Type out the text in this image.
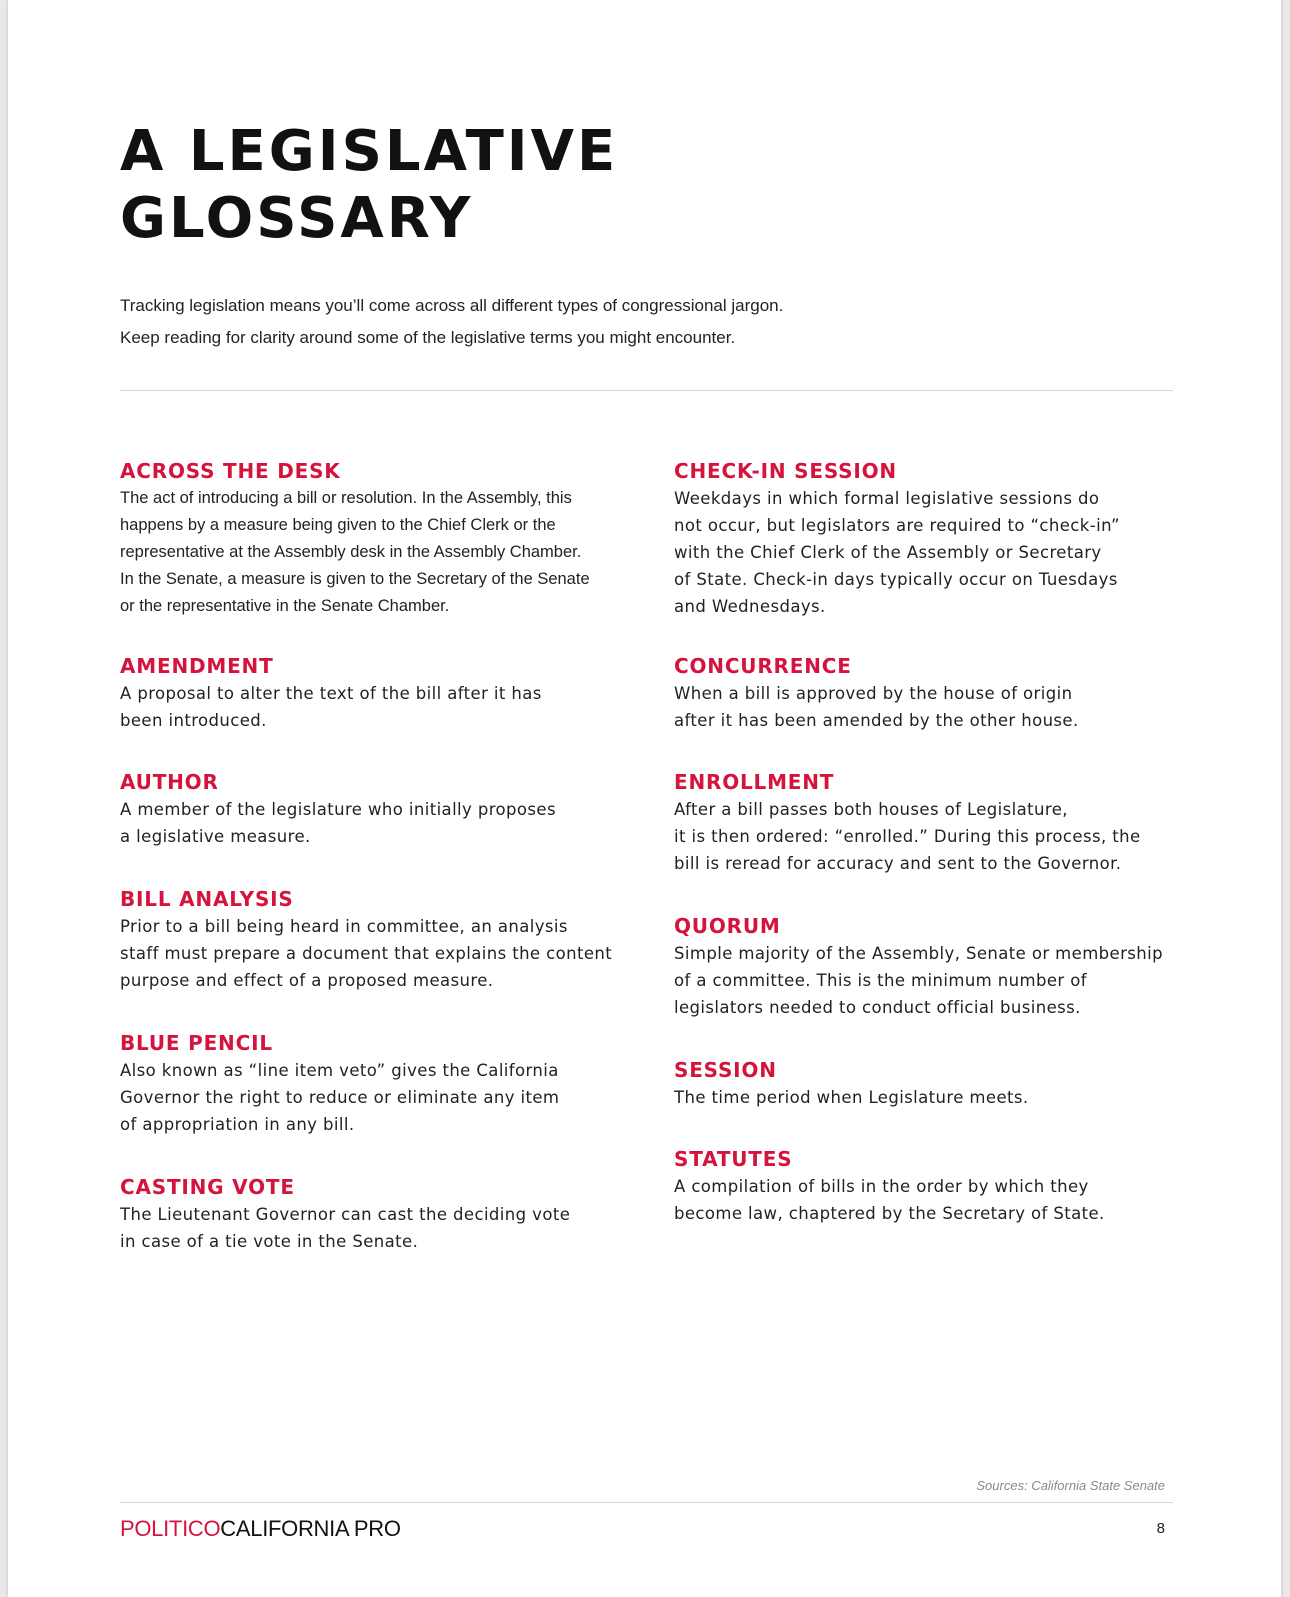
A LEGISLATIVE
GLOSSARY

Tracking legislation means you’ll come across all different types of congressional jargon.

Keep reading for clarity around some of the legislative terms you might encounter.

ACROSS THE DESK

The act of introducing a bill or resolution. In the Assembly, this
happens by a measure being given to the Chief Clerk or the
representative at the Assembly desk in the Assembly Chamber.
In the Senate, a measure is given to the Secretary of the Senate
or the representative in the Senate Chamber.

AMENDMENT

A proposal to alter the text of the bill after it has
been introduced.

AUTHOR

A member of the legislature who initially proposes
a legislative measure.

BILL ANALYSIS

Prior to a bill being heard in committee, an analysis
staff must prepare a document that explains the content
purpose and effect of a proposed measure.

BLUE PENCIL

Also known as “line item veto” gives the California
Governor the right to reduce or eliminate any item
of appropriation in any bill.

CASTING VOTE

The Lieutenant Governor can cast the deciding vote
in case of a tie vote in the Senate.

CHECK-IN SESSION

Weekdays in which formal legislative sessions do
not occur, but legislators are required to “check-in”
with the Chief Clerk of the Assembly or Secretary
of State. Check-in days typically occur on Tuesdays
and Wednesdays.

CONCURRENCE

When a bill is approved by the house of origin
after it has been amended by the other house.

ENROLLMENT

After a bill passes both houses of Legislature,
it is then ordered: “enrolled.” During this process, the
bill is reread for accuracy and sent to the Governor.

QUORUM

Simple majority of the Assembly, Senate or membership
of a committee. This is the minimum number of
legislators needed to conduct official business.

SESSION

The time period when Legislature meets.

STATUTES

A compilation of bills in the order by which they
become law, chaptered by the Secretary of State.

Sources: California State Senate
POLITICOCALIFORNIA PRO	8
